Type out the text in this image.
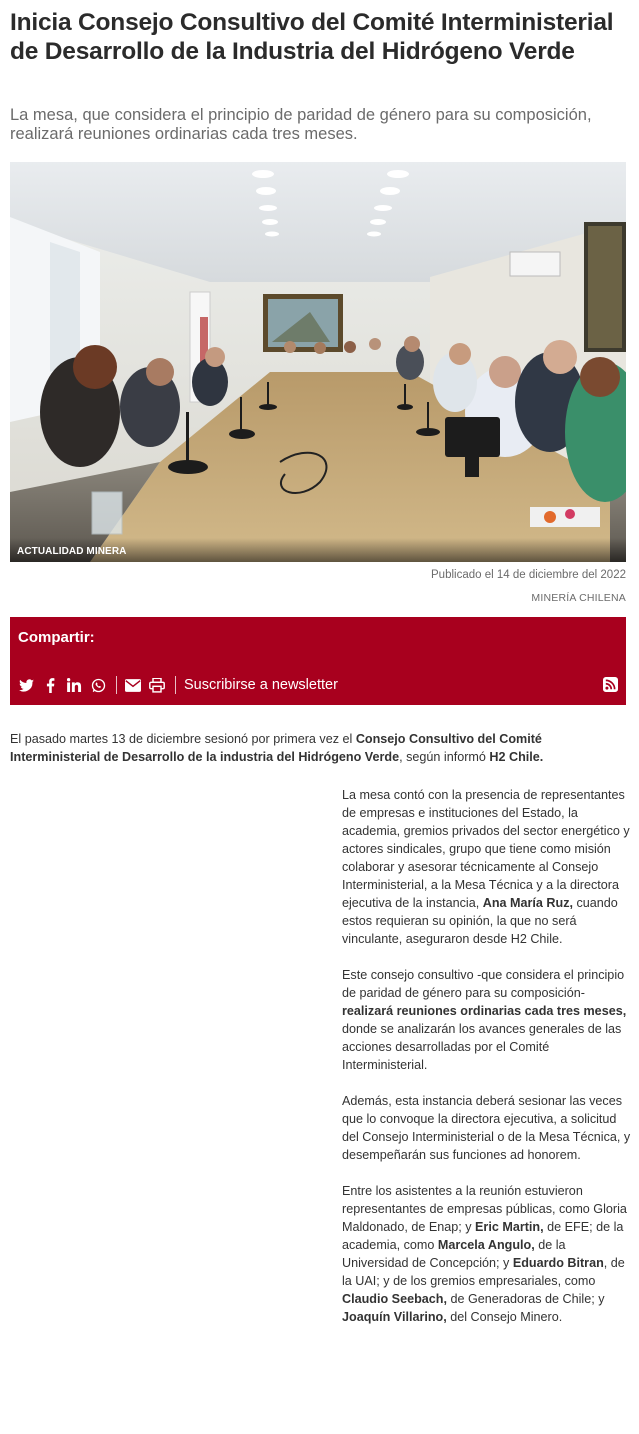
Inicia Consejo Consultivo del Comité Interministerial de Desarrollo de la Industria del Hidrógeno Verde
La mesa, que considera el principio de paridad de género para su composición, realizará reuniones ordinarias cada tres meses.
ACTUALIDAD MINERA
Publicado el 14 de diciembre del 2022
MINERÍA CHILENA
Compartir:
Suscribirse a newsletter

El pasado martes 13 de diciembre sesionó por primera vez el Consejo Consultivo del Comité Interministerial de Desarrollo de la industria del Hidrógeno Verde, según informó H2 Chile.

La mesa contó con la presencia de representantes de empresas e instituciones del Estado, la academia, gremios privados del sector energético y actores sindicales, grupo que tiene como misión colaborar y asesorar técnicamente al Consejo Interministerial, a la Mesa Técnica y a la directora ejecutiva de la instancia, Ana María Ruz, cuando estos requieran su opinión, la que no será vinculante, aseguraron desde H2 Chile.

Este consejo consultivo -que considera el principio de paridad de género para su composición- realizará reuniones ordinarias cada tres meses, donde se analizarán los avances generales de las acciones desarrolladas por el Comité Interministerial.

Además, esta instancia deberá sesionar las veces que lo convoque la directora ejecutiva, a solicitud del Consejo Interministerial o de la Mesa Técnica, y desempeñarán sus funciones ad honorem.

Entre los asistentes a la reunión estuvieron representantes de empresas públicas, como Gloria Maldonado, de Enap; y Eric Martin, de EFE; de la academia, como Marcela Angulo, de la Universidad de Concepción; y Eduardo Bitran, de la UAI; y de los gremios empresariales, como Claudio Seebach, de Generadoras de Chile; y Joaquín Villarino, del Consejo Minero.
